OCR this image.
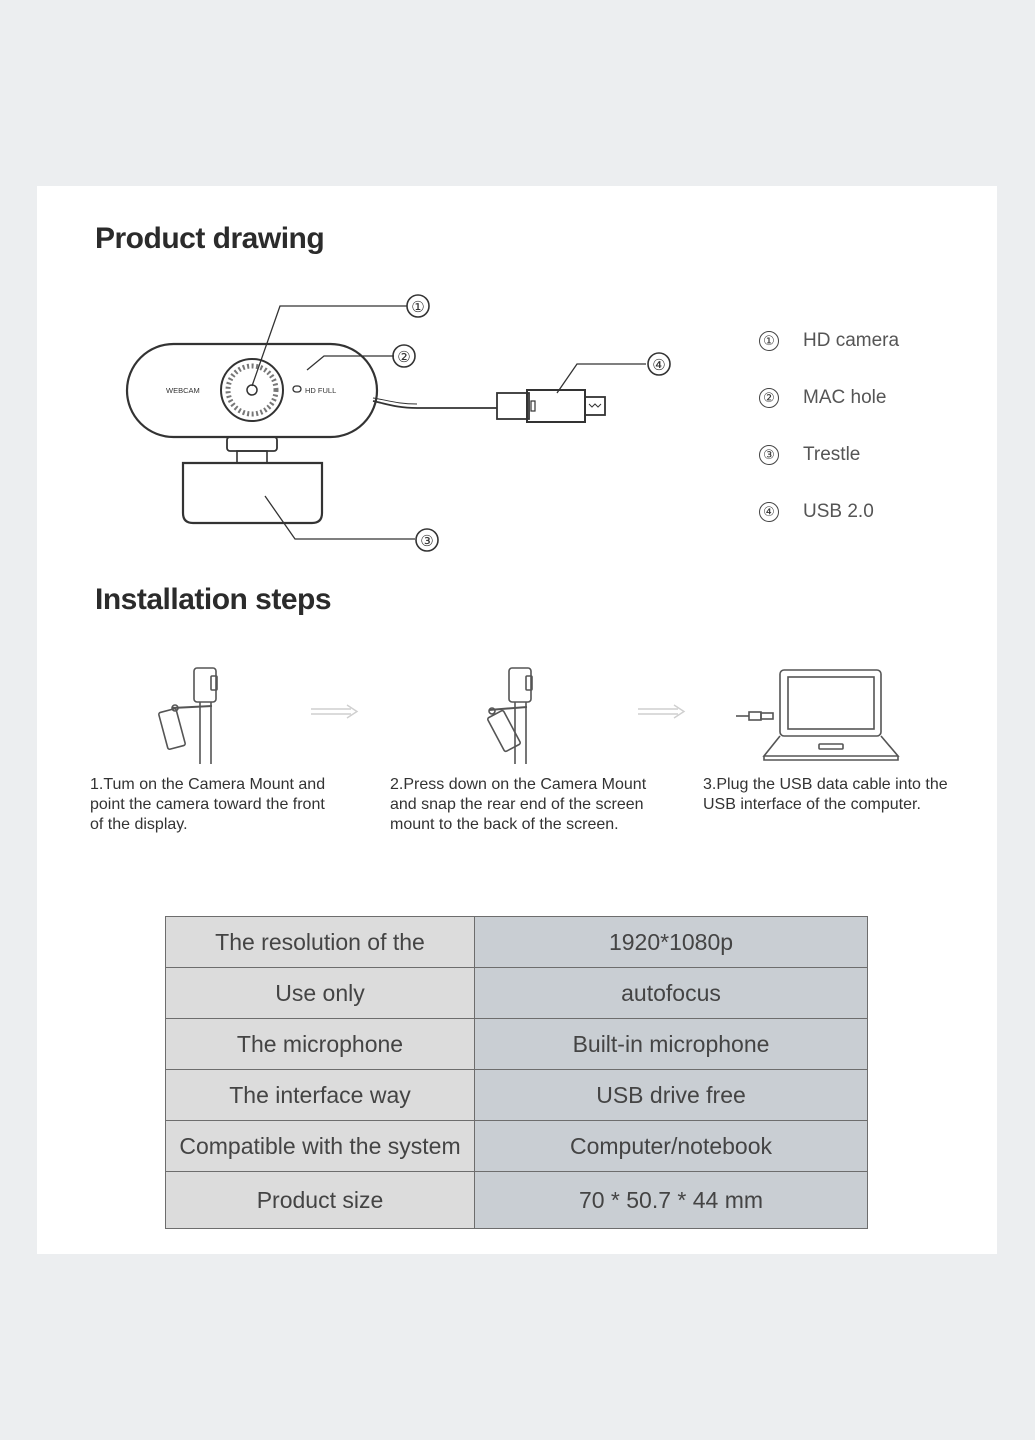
Product drawing
WEBCAM	HD FULL
①
②	④
③
① HD camera
② MAC hole
③ Trestle
④ USB 2.0
Installation steps

1.Tum on the Camera Mount and
point the camera toward the front
of the display.

2.Press down on the Camera Mount
and snap the rear end of the screen
mount to the back of the screen.

3.Plug the USB data cable into the
USB interface of the computer.

The resolution of the	1920*1080p
Use only	autofocus
The microphone	Built-in microphone
The interface way	USB drive free
Compatible with the system	Computer/notebook
Product size	70 * 50.7 * 44 mm
